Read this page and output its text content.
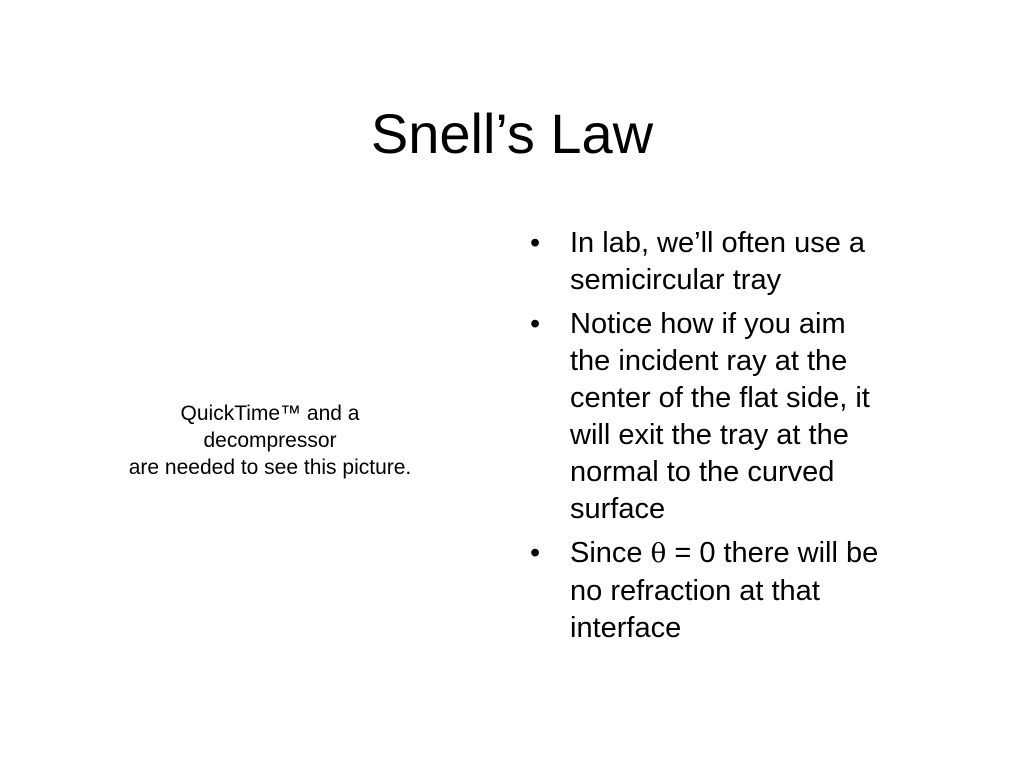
Snell’s Law
QuickTime™ and a
decompressor
are needed to see this picture.
• In lab, we’ll often use a
semicircular tray
• Notice how if you aim
the incident ray at the
center of the flat side, it
will exit the tray at the
normal to the curved
surface
• Since θ = 0 there will be
no refraction at that
interface
